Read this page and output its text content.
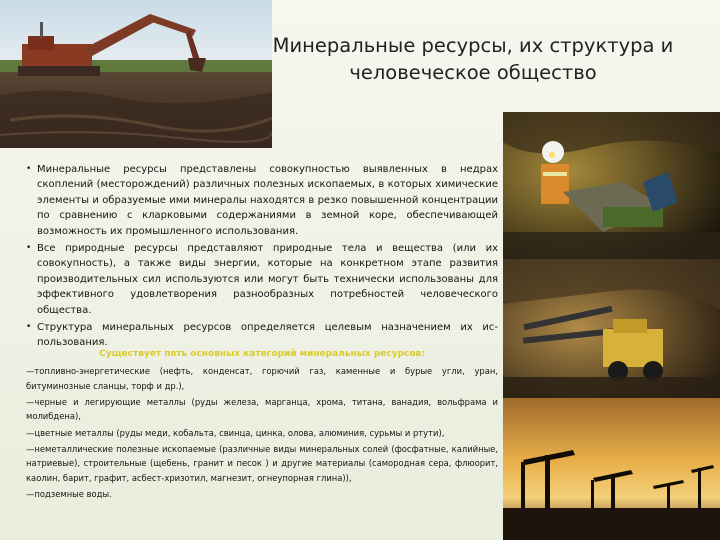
Минеральные ресурсы, их структура и
человеческое общество
• Минеральные ресурсы представлены совокупностью выявленных в недрах скоплений (месторождений) различных полезных ископаемых, в которых химические элементы и образуемые ими минералы находятся в резко повышенной концентрации по сравнению с кларковыми содержаниями в земной коре, обеспечивающей возможность их промышленного использования.
• Все природные ресурсы представляют природные тела и вещества (или их совокупность), а также виды энергии, которые на конкретном этапе развития производительных сил используются или могут быть технически использованы для эффективного удовлетворения разнообразных потребностей человеческого общества.
• Структура минеральных ресурсов определяется целевым назначением их ис-пользования.
Существует пять основных категорий минеральных ресурсов:
—топливно-энергетические (нефть, конденсат, горючий газ, каменные и бурые угли, уран, битуминозные сланцы, торф и др.),
—черные и легирующие металлы (руды железа, марганца, хрома, титана, ванадия, вольфрама и молибдена),
—цветные металлы (руды меди, кобальта, свинца, цинка, олова, алюминия, сурьмы и ртути),
—неметаллические полезные ископаемые (различные виды минеральных солей (фосфатные, калийные, натриевые), строительные (щебень, гранит и песок ) и другие материалы (самородная сера, флюорит, каолин, барит, графит, асбест-хризотил, магнезит, огнеупорная глина)),
—подземные воды.
